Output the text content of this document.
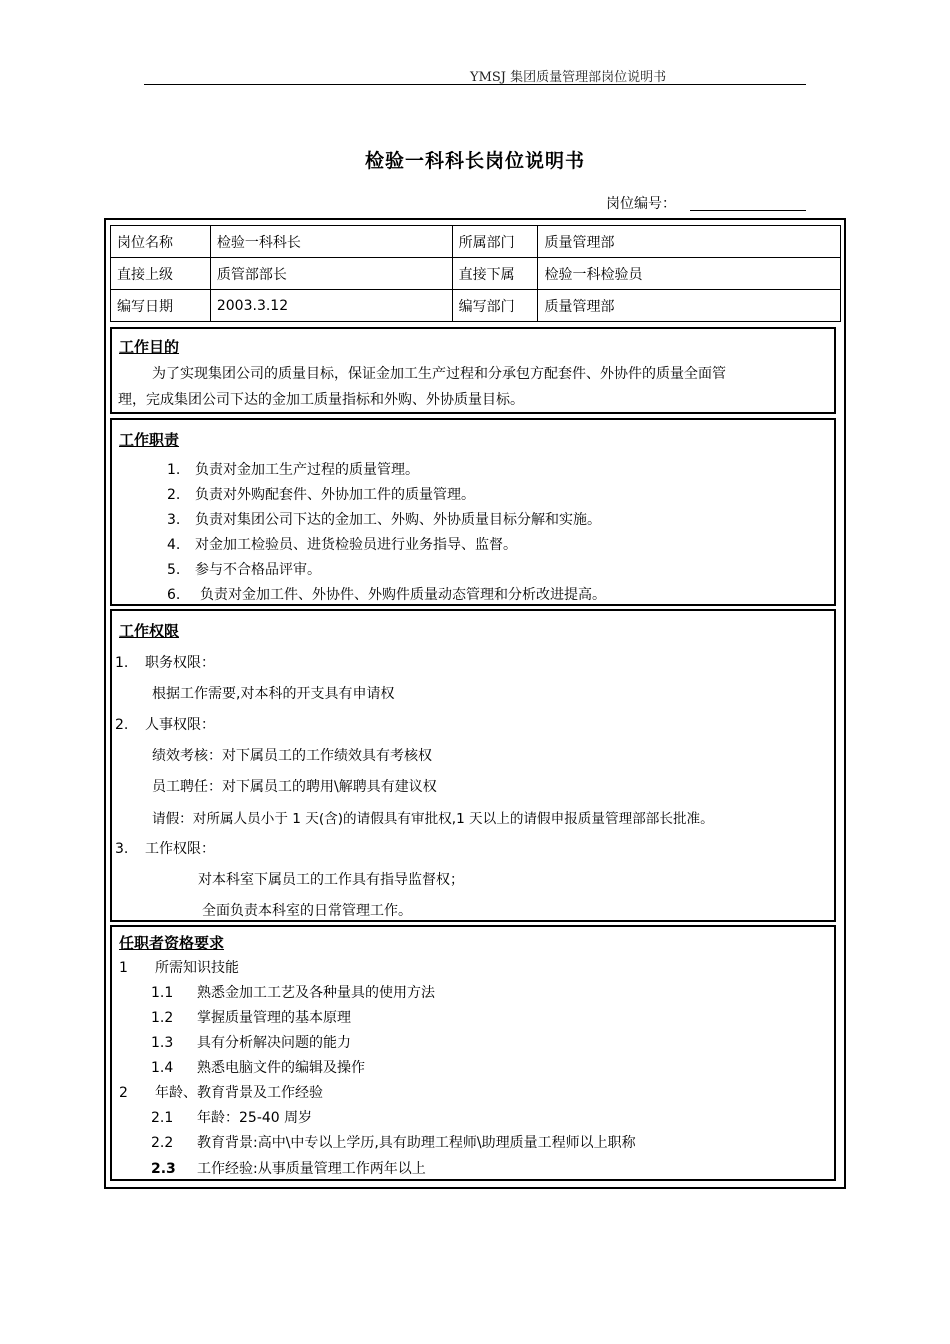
YMSJ 集团质量管理部岗位说明书
检验一科科长岗位说明书
岗位编号：
岗位名称	检验一科科长	所属部门	质量管理部
直接上级	质管部部长	直接下属	检验一科检验员
编写日期	2003.3.12	编写部门	质量管理部
工作目的
为了实现集团公司的质量目标，保证金加工生产过程和分承包方配套件、外协件的质量全面管
理，完成集团公司下达的金加工质量指标和外购、外协质量目标。
工作职责
1. 负责对金加工生产过程的质量管理。
2. 负责对外购配套件、外协加工件的质量管理。
3. 负责对集团公司下达的金加工、外购、外协质量目标分解和实施。
4. 对金加工检验员、进货检验员进行业务指导、监督。
5. 参与不合格品评审。
6. 负责对金加工件、外协件、外购件质量动态管理和分析改进提高。
工作权限
1. 职务权限：
根据工作需要,对本科的开支具有申请权
2. 人事权限：
绩效考核：对下属员工的工作绩效具有考核权
员工聘任：对下属员工的聘用\解聘具有建议权
请假：对所属人员小于 1 天(含)的请假具有审批权,1 天以上的请假申报质量管理部部长批准。
3. 工作权限：
对本科室下属员工的工作具有指导监督权；
全面负责本科室的日常管理工作。
任职者资格要求
1 所需知识技能
1.1 熟悉金加工工艺及各种量具的使用方法
1.2 掌握质量管理的基本原理
1.3 具有分析解决问题的能力
1.4 熟悉电脑文件的编辑及操作
2 年龄、教育背景及工作经验
2.1 年龄：25-40 周岁
2.2 教育背景:高中\中专以上学历,具有助理工程师\助理质量工程师以上职称
2.3 工作经验:从事质量管理工作两年以上
